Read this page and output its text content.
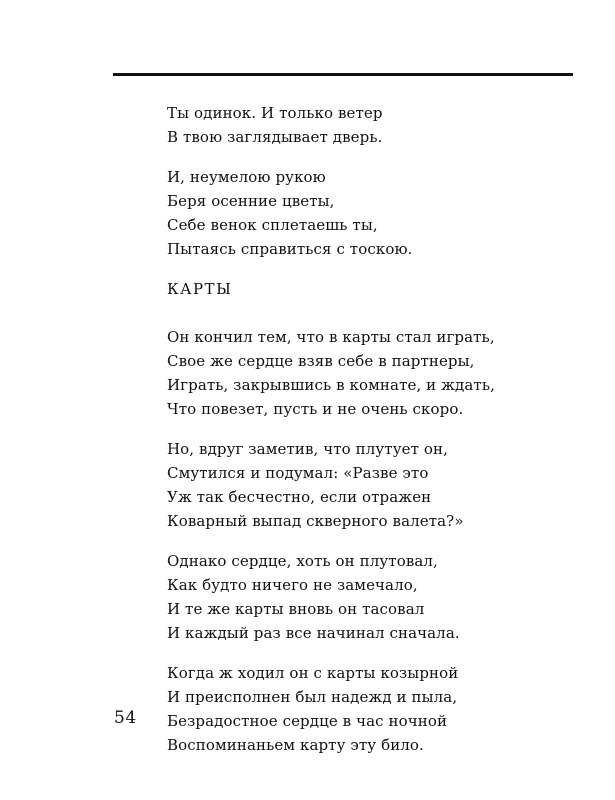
Ты одинок. И только ветер
В твою заглядывает дверь.
И, неумелою рукою
Беря осенние цветы,
Себе венок сплетаешь ты,
Пытаясь справиться с тоскою.
КАРТЫ
Он кончил тем, что в карты стал играть,
Свое же сердце взяв себе в партнеры,
Играть, закрывшись в комнате, и ждать,
Что повезет, пусть и не очень скоро.
Но, вдруг заметив, что плутует он,
Смутился и подумал: «Разве это
Уж так бесчестно, если отражен
Коварный выпад скверного валета?»
Однако сердце, хоть он плутовал,
Как будто ничего не замечало,
И те же карты вновь он тасовал
И каждый раз все начинал сначала.
Когда ж ходил он с карты козырной
И преисполнен был надежд и пыла,
Безрадостное сердце в час ночной
Воспоминаньем карту эту било.
54
